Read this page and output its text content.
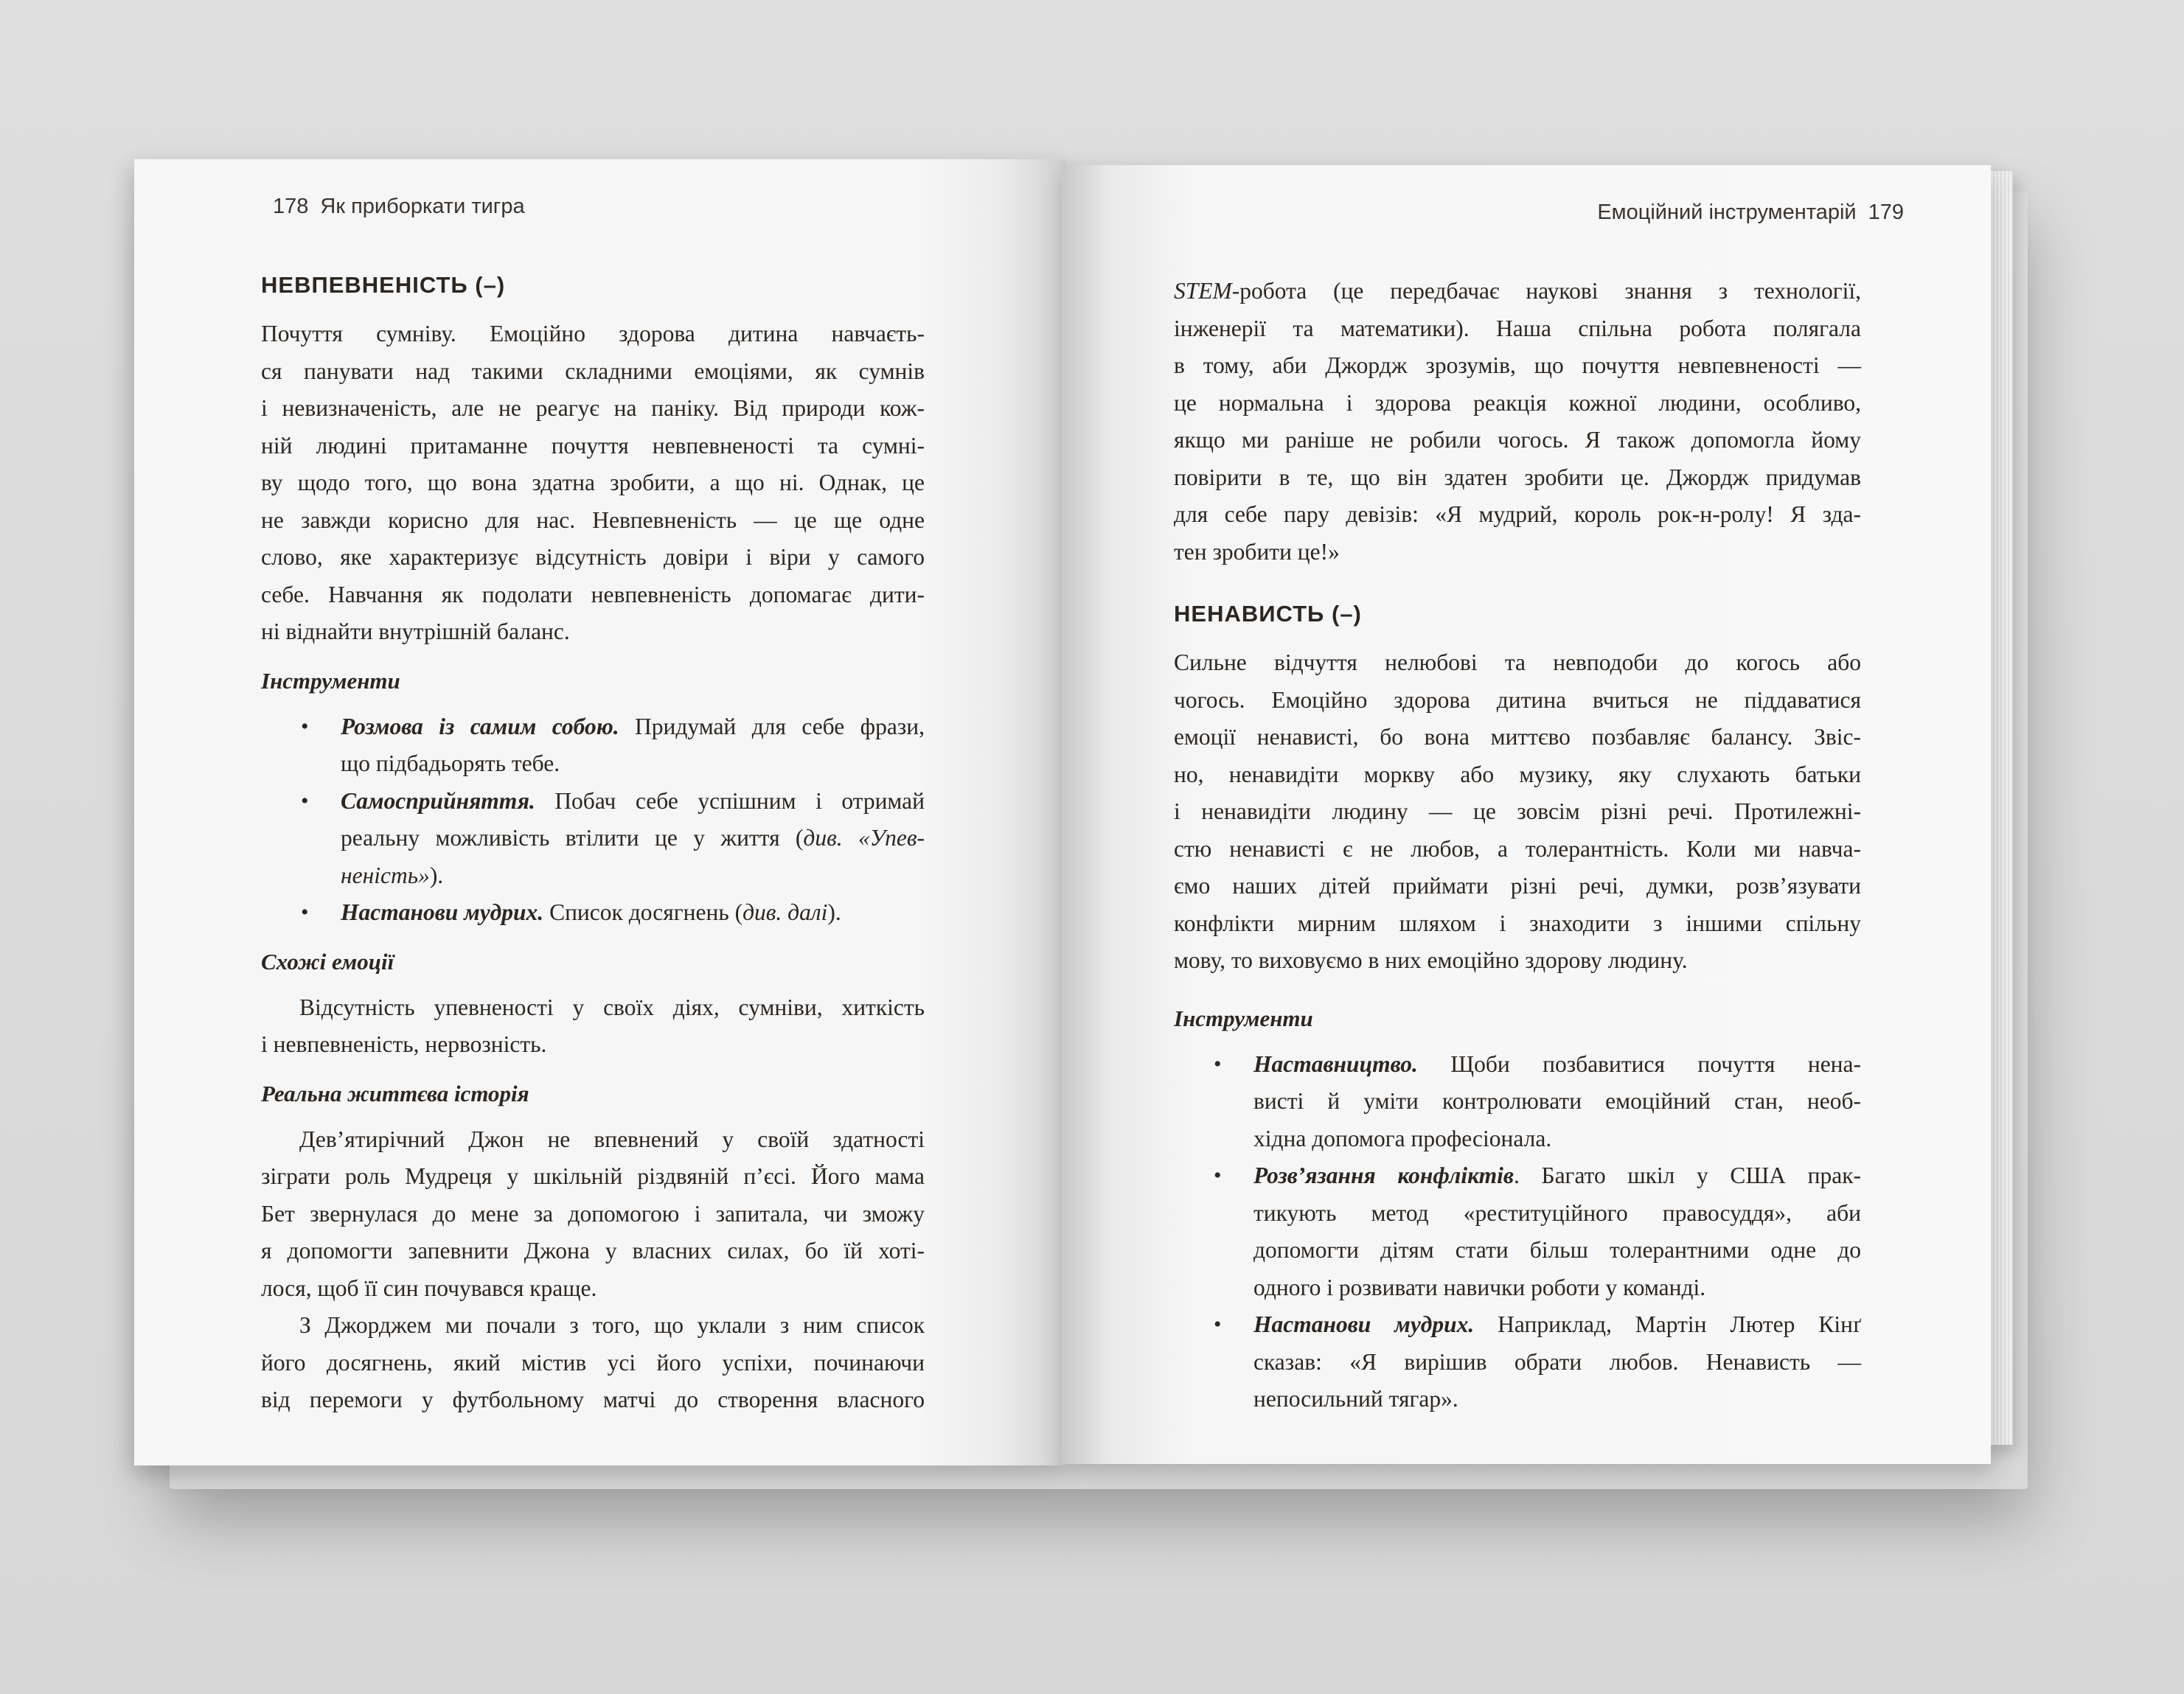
178 Як приборкати тигра
НЕВПЕВНЕНІСТЬ (–)

Почуття сумніву. Емоційно здорова дитина навчаєть-

ся панувати над такими складними емоціями, як сумнів

і невизначеність, але не реагує на паніку. Від природи кож-

ній людині притаманне почуття невпевненості та сумні-

ву щодо того, що вона здатна зробити, а що ні. Однак, це

не завжди корисно для нас. Невпевненість — це ще одне

слово, яке характеризує відсутність довіри і віри у самого

себе. Навчання як подолати невпевненість допомагає дити-

ні віднайти внутрішній баланс.

Інструменти
• Розмова із самим собою. Придумай для себе фрази,
що підбадьорять тебе.
• Самосприйняття. Побач себе успішним і отримай
реальну можливість втілити це у життя (див. «Упев-
неність»).
• Настанови мудрих. Список досягнень (див. далі).
Схожі емоції

Відсутність упевненості у своїх діях, сумніви, хиткість

і невпевненість, нервозність.

Реальна життєва історія

Дев’ятирічний Джон не впевнений у своїй здатності

зіграти роль Мудреця у шкільній різдвяній п’єсі. Його мама

Бет звернулася до мене за допомогою і запитала, чи зможу

я допомогти запевнити Джона у власних силах, бо їй хоті-

лося, щоб її син почувався краще.

З Джорджем ми почали з того, що уклали з ним список

його досягнень, який містив усі його успіхи, починаючи

від перемоги у футбольному матчі до створення власного

Емоційний інструментарій 179

STEM-робота (це передбачає наукові знання з технології,

інженерії та математики). Наша спільна робота полягала

в тому, аби Джордж зрозумів, що почуття невпевненості —

це нормальна і здорова реакція кожної людини, особливо,

якщо ми раніше не робили чогось. Я також допомогла йому

повірити в те, що він здатен зробити це. Джордж придумав

для себе пару девізів: «Я мудрий, король рок-н-ролу! Я зда-

тен зробити це!»

НЕНАВИСТЬ (–)

Сильне відчуття нелюбові та невподоби до когось або

чогось. Емоційно здорова дитина вчиться не піддаватися

емоції ненависті, бо вона миттєво позбавляє балансу. Звіс-

но, ненавидіти моркву або музику, яку слухають батьки

і ненавидіти людину — це зовсім різні речі. Протилежні-

стю ненависті є не любов, а толерантність. Коли ми навча-

ємо наших дітей приймати різні речі, думки, розв’язувати

конфлікти мирним шляхом і знаходити з іншими спільну

мову, то виховуємо в них емоційно здорову людину.

Інструменти
• Наставництво. Щоби позбавитися почуття нена-
висті й уміти контролювати емоційний стан, необ-
хідна допомога професіонала.
• Розв’язання конфліктів. Багато шкіл у США прак-
тикують метод «реституційного правосуддя», аби
допомогти дітям стати більш толерантними одне до
одного і розвивати навички роботи у команді.
• Настанови мудрих. Наприклад, Мартін Лютер Кінґ
сказав: «Я вирішив обрати любов. Ненависть —
непосильний тягар».
